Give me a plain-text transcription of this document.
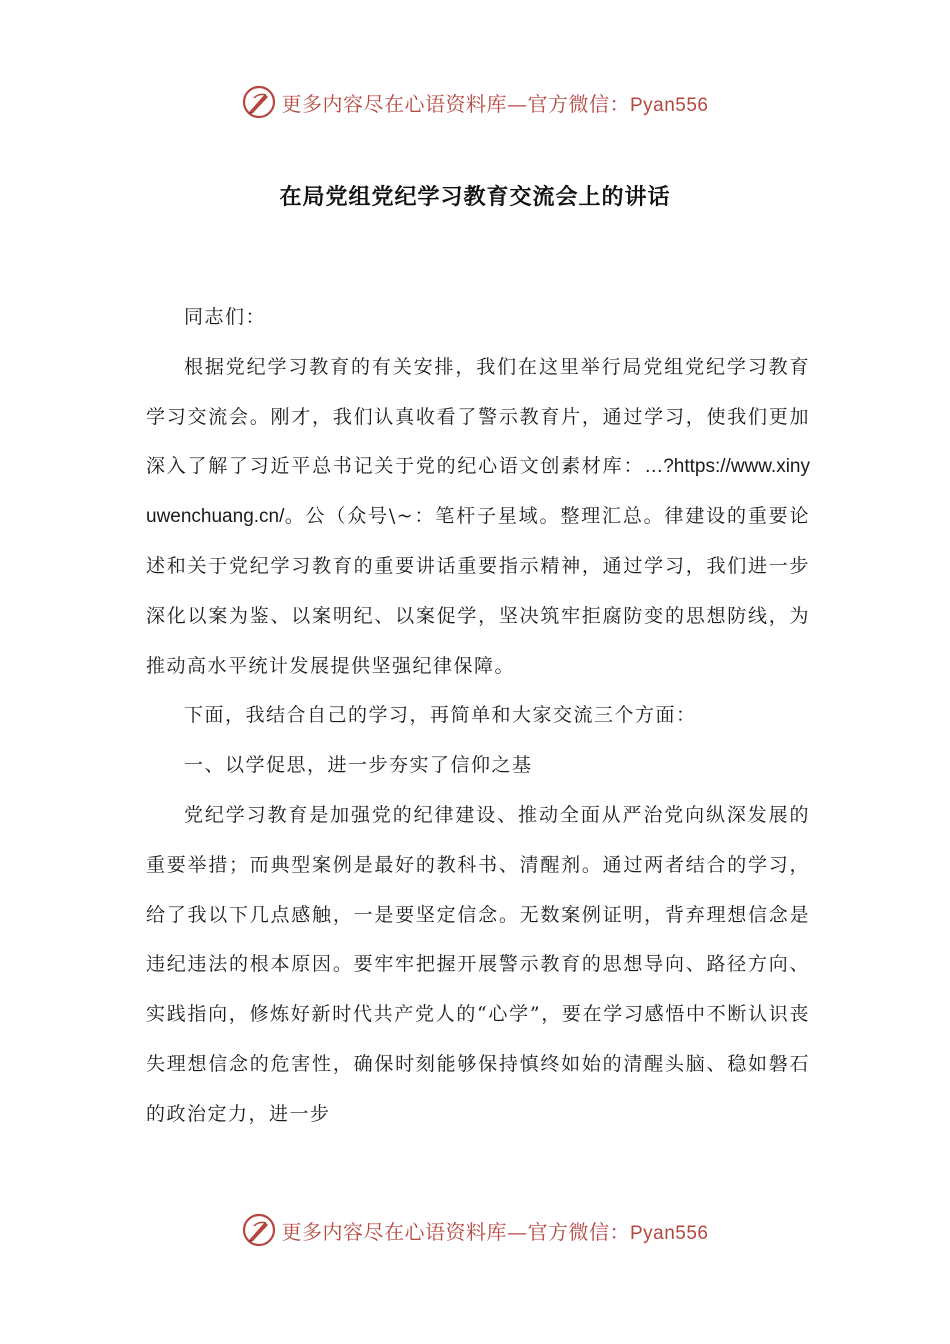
更多内容尽在心语资料库—官方微信：Pyan556
在局党组党纪学习教育交流会上的讲话

同志们：

根据党纪学习教育的有关安排，我们在这里举行局党组党纪学习教育学习交流会。刚才，我们认真收看了警示教育片，通过学习，使我们更加深入了解了习近平总书记关于党的纪心语文创素材库：…?https://www.xinyuwenchuang.cn/。公（众号\~：笔杆子星域。整理汇总。律建设的重要论述和关于党纪学习教育的重要讲话重要指示精神，通过学习，我们进一步深化以案为鉴、以案明纪、以案促学，坚决筑牢拒腐防变的思想防线，为推动高水平统计发展提供坚强纪律保障。

下面，我结合自己的学习，再简单和大家交流三个方面：

一、以学促思，进一步夯实了信仰之基

党纪学习教育是加强党的纪律建设、推动全面从严治党向纵深发展的重要举措；而典型案例是最好的教科书、清醒剂。通过两者结合的学习，给了我以下几点感触，一是要坚定信念。无数案例证明，背弃理想信念是违纪违法的根本原因。要牢牢把握开展警示教育的思想导向、路径方向、实践指向，修炼好新时代共产党人的“心学”，要在学习感悟中不断认识丧失理想信念的危害性，确保时刻能够保持慎终如始的清醒头脑、稳如磐石的政治定力，进一步

更多内容尽在心语资料库—官方微信：Pyan556
